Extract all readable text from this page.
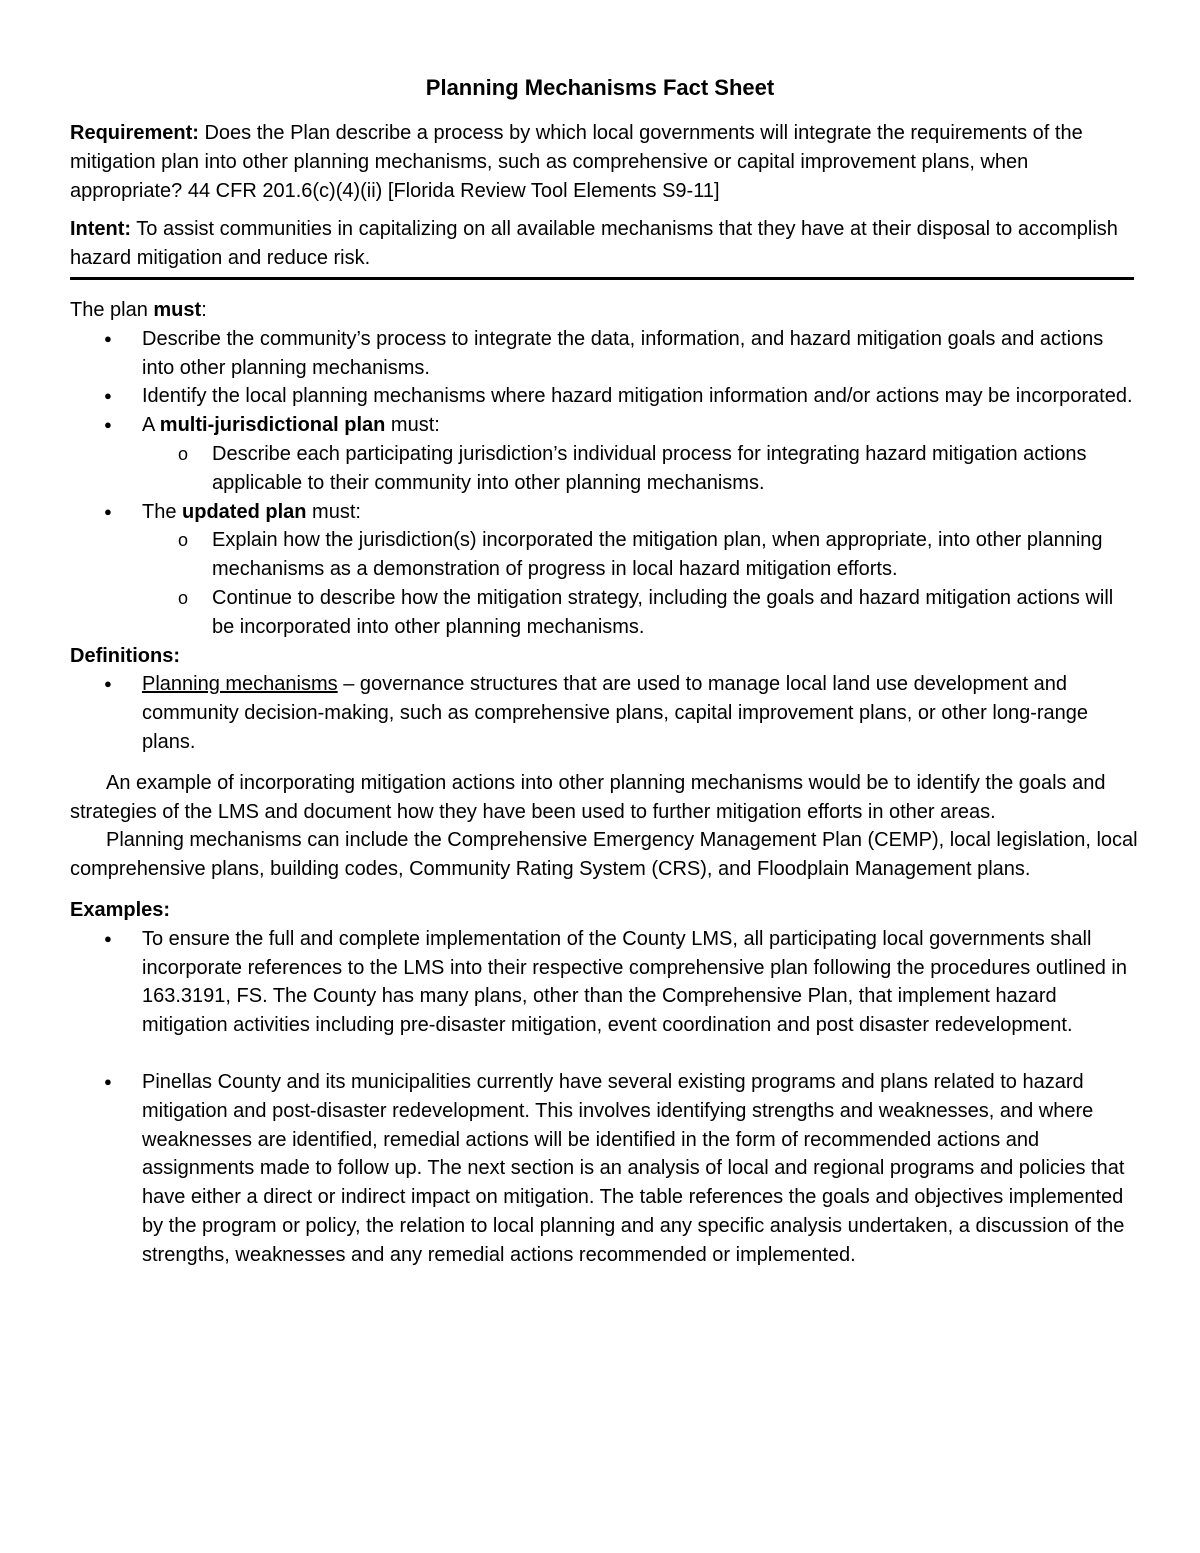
Planning Mechanisms Fact Sheet

Requirement: Does the Plan describe a process by which local governments will integrate the requirements of the mitigation plan into other planning mechanisms, such as comprehensive or capital improvement plans, when appropriate? 44 CFR 201.6(c)(4)(ii) [Florida Review Tool Elements S9-11]

Intent: To assist communities in capitalizing on all available mechanisms that they have at their disposal to accomplish hazard mitigation and reduce risk.

The plan must:

● Describe the community’s process to integrate the data, information, and hazard mitigation goals and actions into other planning mechanisms.
● Identify the local planning mechanisms where hazard mitigation information and/or actions may be incorporated.
● A multi-jurisdictional plan must:
o Describe each participating jurisdiction’s individual process for integrating hazard mitigation actions applicable to their community into other planning mechanisms.
● The updated plan must:
o Explain how the jurisdiction(s) incorporated the mitigation plan, when appropriate, into other planning mechanisms as a demonstration of progress in local hazard mitigation efforts.
o Continue to describe how the mitigation strategy, including the goals and hazard mitigation actions will be incorporated into other planning mechanisms.

Definitions:

● Planning mechanisms – governance structures that are used to manage local land use development and community decision-making, such as comprehensive plans, capital improvement plans, or other long-range plans.

An example of incorporating mitigation actions into other planning mechanisms would be to identify the goals and strategies of the LMS and document how they have been used to further mitigation efforts in other areas.

Planning mechanisms can include the Comprehensive Emergency Management Plan (CEMP), local legislation, local comprehensive plans, building codes, Community Rating System (CRS), and Floodplain Management plans.

Examples:

● To ensure the full and complete implementation of the County LMS, all participating local governments shall incorporate references to the LMS into their respective comprehensive plan following the procedures outlined in 163.3191, FS. The County has many plans, other than the Comprehensive Plan, that implement hazard mitigation activities including pre-disaster mitigation, event coordination and post disaster redevelopment.
● Pinellas County and its municipalities currently have several existing programs and plans related to hazard mitigation and post-disaster redevelopment. This involves identifying strengths and weaknesses, and where weaknesses are identified, remedial actions will be identified in the form of recommended actions and assignments made to follow up. The next section is an analysis of local and regional programs and policies that have either a direct or indirect impact on mitigation. The table references the goals and objectives implemented by the program or policy, the relation to local planning and any specific analysis undertaken, a discussion of the strengths, weaknesses and any remedial actions recommended or implemented.
